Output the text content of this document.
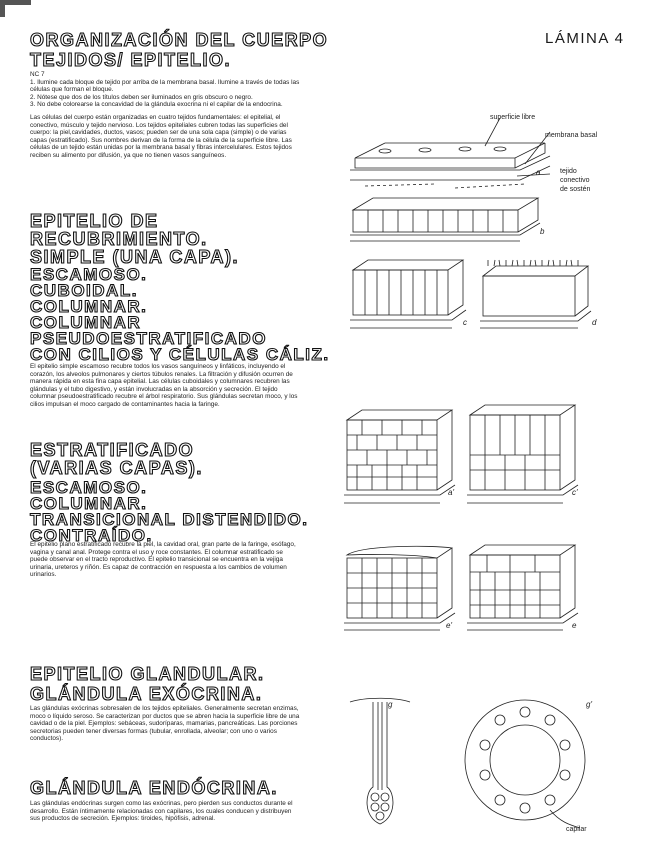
LÁMINA 4
ORGANIZACIÓN DEL CUERPO
TEJIDOS/ EPITELIO.
NC 7
1. Ilumine cada bloque de tejido por arriba de la membrana basal. Ilumine a través de todas las células que forman el bloque.
2. Nótese que dos de los títulos deben ser iluminados en gris obscuro o negro.
3. No debe colorearse la concavidad de la glándula exocrina ni el capilar de la endocrina.
Las células del cuerpo están organizadas en cuatro tejidos fundamentales: el epitelial, el conectivo, músculo y tejido nervioso. Los tejidos epiteliales cubren todas las superficies del cuerpo: la piel,cavidades, ductos, vasos; pueden ser de una sola capa (simple) o de varias capas (estratificado). Sus nombres derivan de la forma de la célula de la superficie libre. Las células de un tejido están unidas por la membrana basal y fibras intercelulares. Estos tejidos reciben su alimento por difusión, ya que no tienen vasos sanguíneos.
EPITELIO DE
RECUBRIMIENTO.
SIMPLE (UNA CAPA).
ESCAMOSO.
CUBOIDAL.
COLUMNAR.
COLUMNAR
PSEUDOESTRATIFICADO
CON CILIOS Y CÉLULAS CÁLIZ.
El epitelio simple escamoso recubre todos los vasos sanguíneos y linfáticos, incluyendo el corazón, los alveolos pulmonares y ciertos túbulos renales. La filtración y difusión ocurren de manera rápida en esta fina capa epitelial. Las células cuboidales y columnares recubren las glándulas y el tubo digestivo, y están involucradas en la absorción y secreción. El tejido columnar pseudoestratificado recubre el árbol respiratorio. Sus glándulas secretan moco, y los cilios impulsan el moco cargado de contaminantes hacia la faringe.
ESTRATIFICADO
(VARIAS CAPAS).
ESCAMOSO.
COLUMNAR.
TRANSICIONAL DISTENDIDO.
CONTRAÍDO.
El epitelio plano estratificado recubre la piel, la cavidad oral, gran parte de la faringe, esófago, vagina y canal anal. Protege contra el uso y roce constantes. El columnar estratificado se puede observar en el tracto reproductivo. El epitelio transicional se encuentra en la vejiga urinaria, ureteros y riñón. Es capaz de contracción en respuesta a los cambios de volumen urinarios.
EPITELIO GLANDULAR.
GLÁNDULA EXÓCRINA.
Las glándulas exócrinas sobresalen de los tejidos epiteliales. Generalmente secretan enzimas, moco o líquido seroso. Se caracterizan por ductos que se abren hacia la superficie libre de una cavidad o de la piel. Ejemplos: sebáceas, sudoríparas, mamarias, pancreáticas. Las porciones secretorias pueden tener diversas formas (tubular, enrollada, alveolar; con uno o varios conductos).
GLÁNDULA ENDÓCRINA.
Las glándulas endócrinas surgen como las exócrinas, pero pierden sus conductos durante el desarrollo. Están íntimamente relacionadas con capilares, los cuales conducen y distribuyen sus productos de secreción. Ejemplos: tiroides, hipófisis, adrenal.
superficie libre
membrana basal
tejido
conectivo
de sostén
capilar
a
b
c	d
a'	c'
e
e'
g	g'
